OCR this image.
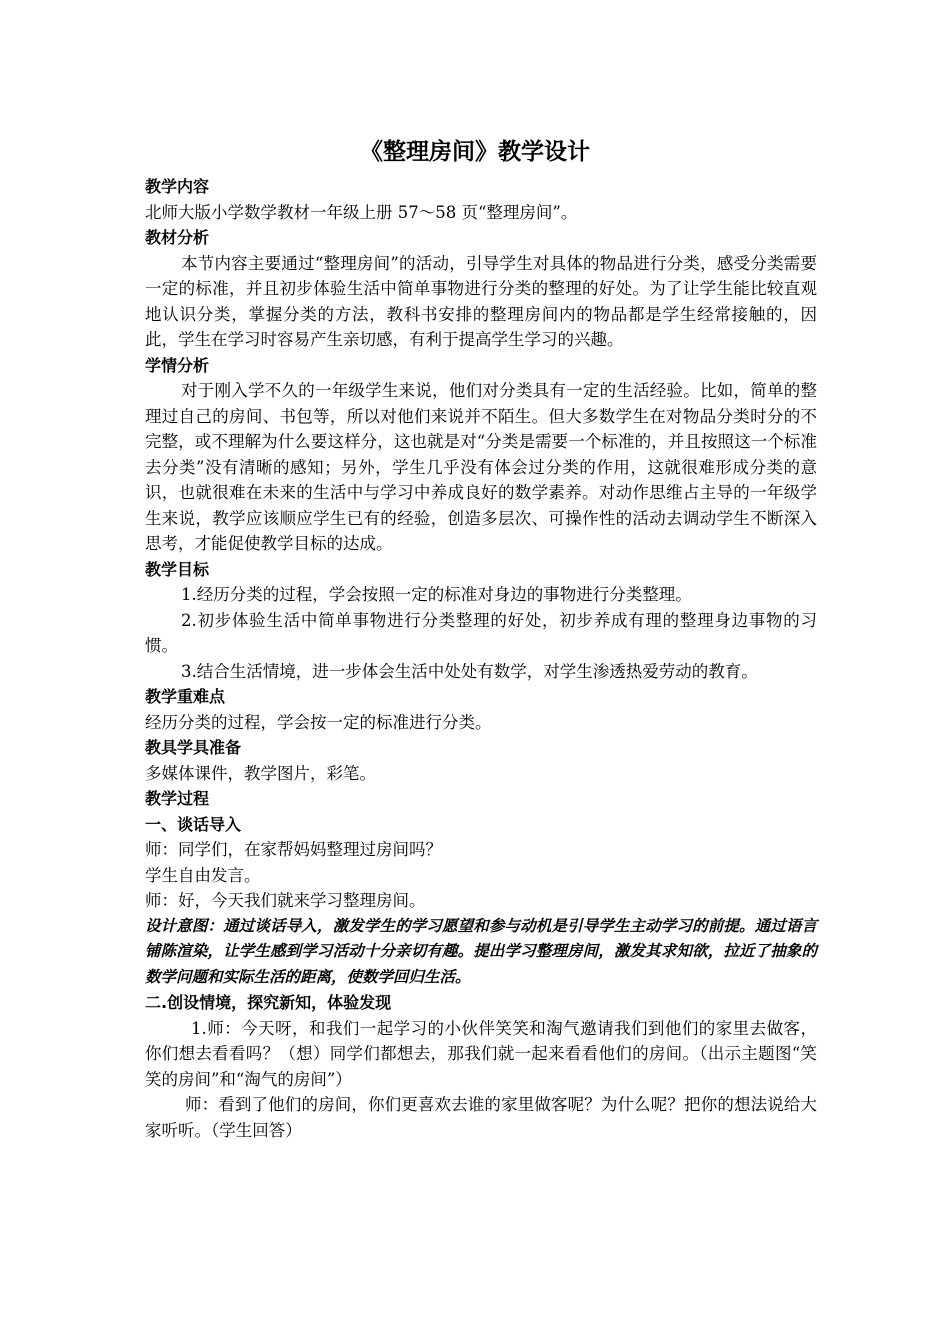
《整理房间》教学设计

教学内容

北师大版小学数学教材一年级上册 57～58 页“整理房间”。

教材分析

本节内容主要通过“整理房间”的活动，引导学生对具体的物品进行分类，感受分类需要一定的标准，并且初步体验生活中简单事物进行分类的整理的好处。为了让学生能比较直观地认识分类，掌握分类的方法，教科书安排的整理房间内的物品都是学生经常接触的，因此，学生在学习时容易产生亲切感，有利于提高学生学习的兴趣。

学情分析

对于刚入学不久的一年级学生来说，他们对分类具有一定的生活经验。比如，简单的整理过自己的房间、书包等，所以对他们来说并不陌生。但大多数学生在对物品分类时分的不完整，或不理解为什么要这样分，这也就是对“分类是需要一个标准的，并且按照这一个标准去分类”没有清晰的感知；另外，学生几乎没有体会过分类的作用，这就很难形成分类的意识，也就很难在未来的生活中与学习中养成良好的数学素养。对动作思维占主导的一年级学生来说，教学应该顺应学生已有的经验，创造多层次、可操作性的活动去调动学生不断深入思考，才能促使教学目标的达成。

教学目标

1.经历分类的过程，学会按照一定的标准对身边的事物进行分类整理。

2.初步体验生活中简单事物进行分类整理的好处，初步养成有理的整理身边事物的习惯。

3.结合生活情境，进一步体会生活中处处有数学，对学生渗透热爱劳动的教育。

教学重难点

经历分类的过程，学会按一定的标准进行分类。

教具学具准备

多媒体课件，教学图片，彩笔。

教学过程

一、谈话导入

师：同学们，在家帮妈妈整理过房间吗？

学生自由发言。

师：好，今天我们就来学习整理房间。

设计意图：通过谈话导入，激发学生的学习愿望和参与动机是引导学生主动学习的前提。通过语言铺陈渲染，让学生感到学习活动十分亲切有趣。提出学习整理房间，激发其求知欲，拉近了抽象的数学问题和实际生活的距离，使数学回归生活。

二.创设情境，探究新知，体验发现

1.师：今天呀，和我们一起学习的小伙伴笑笑和淘气邀请我们到他们的家里去做客，你们想去看看吗？（想）同学们都想去，那我们就一起来看看他们的房间。（出示主题图“笑笑的房间”和“淘气的房间”）

师：看到了他们的房间，你们更喜欢去谁的家里做客呢？为什么呢？把你的想法说给大家听听。（学生回答）
